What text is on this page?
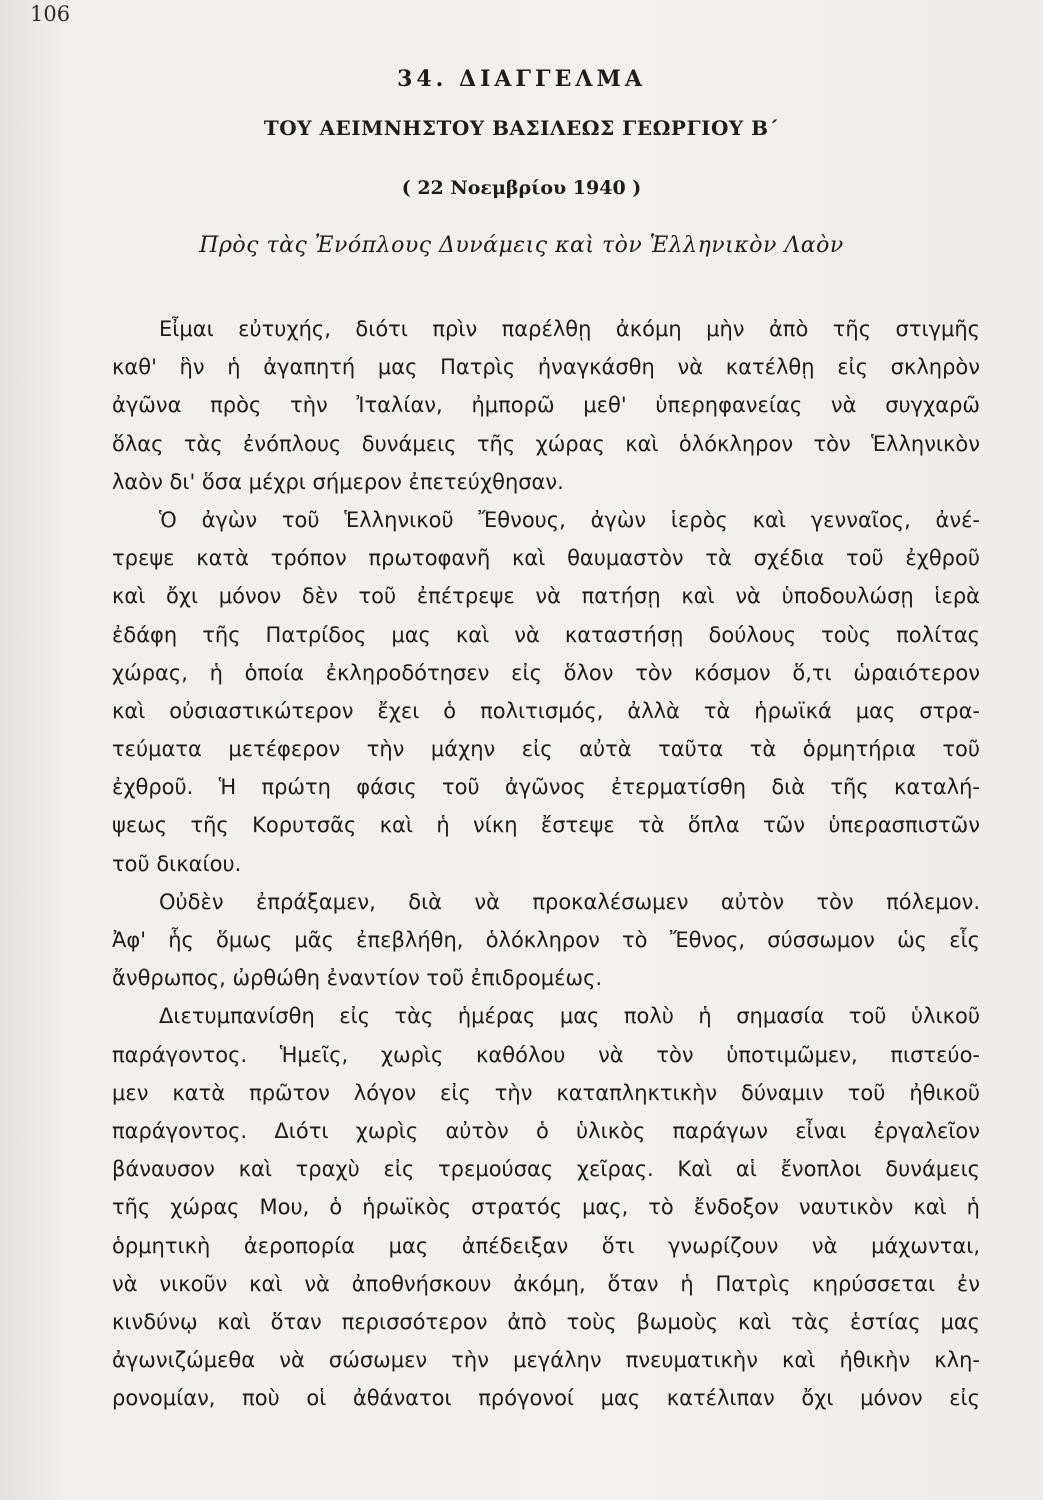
106
34. ΔΙΑΓΓΕΛΜΑ
ΤΟΥ ΑΕΙΜΝΗΣΤΟΥ ΒΑΣΙΛΕΩΣ ΓΕΩΡΓΙΟΥ Β΄
( 22 Νοεμβρίου 1940 )
Πρὸς τὰς Ἐνόπλους Δυνάμεις καὶ τὸν Ἑλληνικὸν Λαὸν
Εἶμαι εὐτυχής, διότι πρὶν παρέλθῃ ἀκόμη μὴν ἀπὸ τῆς στιγμῆς
καθ' ἣν ἡ ἀγαπητή μας Πατρὶς ἠναγκάσθη νὰ κατέλθῃ εἰς σκληρὸν
ἀγῶνα πρὸς τὴν Ἰταλίαν, ἠμπορῶ μεθ' ὑπερηφανείας νὰ συγχαρῶ
ὅλας τὰς ἐνόπλους δυνάμεις τῆς χώρας καὶ ὁλόκληρον τὸν Ἑλληνικὸν
λαὸν δι' ὅσα μέχρι σήμερον ἐπετεύχθησαν.
Ὁ ἀγὼν τοῦ Ἑλληνικοῦ Ἔθνους, ἀγὼν ἱερὸς καὶ γενναῖος, ἀνέ-
τρεψε κατὰ τρόπον πρωτοφανῆ καὶ θαυμαστὸν τὰ σχέδια τοῦ ἐχθροῦ
καὶ ὄχι μόνον δὲν τοῦ ἐπέτρεψε νὰ πατήσῃ καὶ νὰ ὑποδουλώσῃ ἱερὰ
ἐδάφη τῆς Πατρίδος μας καὶ νὰ καταστήσῃ δούλους τοὺς πολίτας
χώρας, ἡ ὁποία ἐκληροδότησεν εἰς ὅλον τὸν κόσμον ὅ,τι ὡραιότερον
καὶ οὐσιαστικώτερον ἔχει ὁ πολιτισμός, ἀλλὰ τὰ ἡρωϊκά μας στρα-
τεύματα μετέφερον τὴν μάχην εἰς αὐτὰ ταῦτα τὰ ὁρμητήρια τοῦ
ἐχθροῦ. Ἡ πρώτη φάσις τοῦ ἀγῶνος ἐτερματίσθη διὰ τῆς καταλή-
ψεως τῆς Κορυτσᾶς καὶ ἡ νίκη ἔστεψε τὰ ὅπλα τῶν ὑπερασπιστῶν
τοῦ δικαίου.
Οὐδὲν ἐπράξαμεν, διὰ νὰ προκαλέσωμεν αὐτὸν τὸν πόλεμον.
Ἀφ' ἧς ὅμως μᾶς ἐπεβλήθη, ὁλόκληρον τὸ Ἔθνος, σύσσωμον ὡς εἷς
ἄνθρωπος, ὠρθώθη ἐναντίον τοῦ ἐπιδρομέως.
Διετυμπανίσθη εἰς τὰς ἡμέρας μας πολὺ ἡ σημασία τοῦ ὑλικοῦ
παράγοντος. Ἡμεῖς, χωρὶς καθόλου νὰ τὸν ὑποτιμῶμεν, πιστεύο-
μεν κατὰ πρῶτον λόγον εἰς τὴν καταπληκτικὴν δύναμιν τοῦ ἠθικοῦ
παράγοντος. Διότι χωρὶς αὐτὸν ὁ ὑλικὸς παράγων εἶναι ἐργαλεῖον
βάναυσον καὶ τραχὺ εἰς τρεμούσας χεῖρας. Καὶ αἱ ἔνοπλοι δυνάμεις
τῆς χώρας Μου, ὁ ἡρωϊκὸς στρατός μας, τὸ ἔνδοξον ναυτικὸν καὶ ἡ
ὁρμητικὴ ἀεροπορία μας ἀπέδειξαν ὅτι γνωρίζουν νὰ μάχωνται,
νὰ νικοῦν καὶ νὰ ἀποθνήσκουν ἀκόμη, ὅταν ἡ Πατρὶς κηρύσσεται ἐν
κινδύνῳ καὶ ὅταν περισσότερον ἀπὸ τοὺς βωμοὺς καὶ τὰς ἑστίας μας
ἀγωνιζώμεθα νὰ σώσωμεν τὴν μεγάλην πνευματικὴν καὶ ἠθικὴν κλη-
ρονομίαν, ποὺ οἱ ἀθάνατοι πρόγονοί μας κατέλιπαν ὄχι μόνον εἰς
